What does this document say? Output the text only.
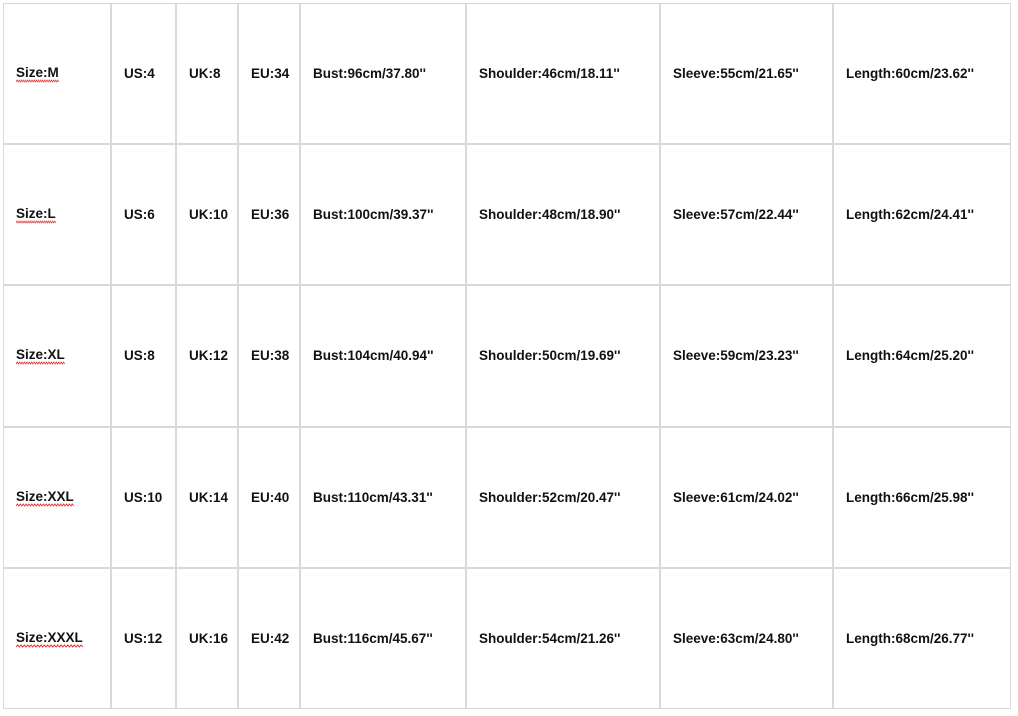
Size:M	US:4	UK:8	EU:34	Bust:96cm/37.80''	Shoulder:46cm/18.11''	Sleeve:55cm/21.65''	Length:60cm/23.62''
Size:L	US:6	UK:10	EU:36	Bust:100cm/39.37''	Shoulder:48cm/18.90''	Sleeve:57cm/22.44''	Length:62cm/24.41''
Size:XL	US:8	UK:12	EU:38	Bust:104cm/40.94''	Shoulder:50cm/19.69''	Sleeve:59cm/23.23''	Length:64cm/25.20''
Size:XXL	US:10	UK:14	EU:40	Bust:110cm/43.31''	Shoulder:52cm/20.47''	Sleeve:61cm/24.02''	Length:66cm/25.98''
Size:XXXL	US:12	UK:16	EU:42	Bust:116cm/45.67''	Shoulder:54cm/21.26''	Sleeve:63cm/24.80''	Length:68cm/26.77''
